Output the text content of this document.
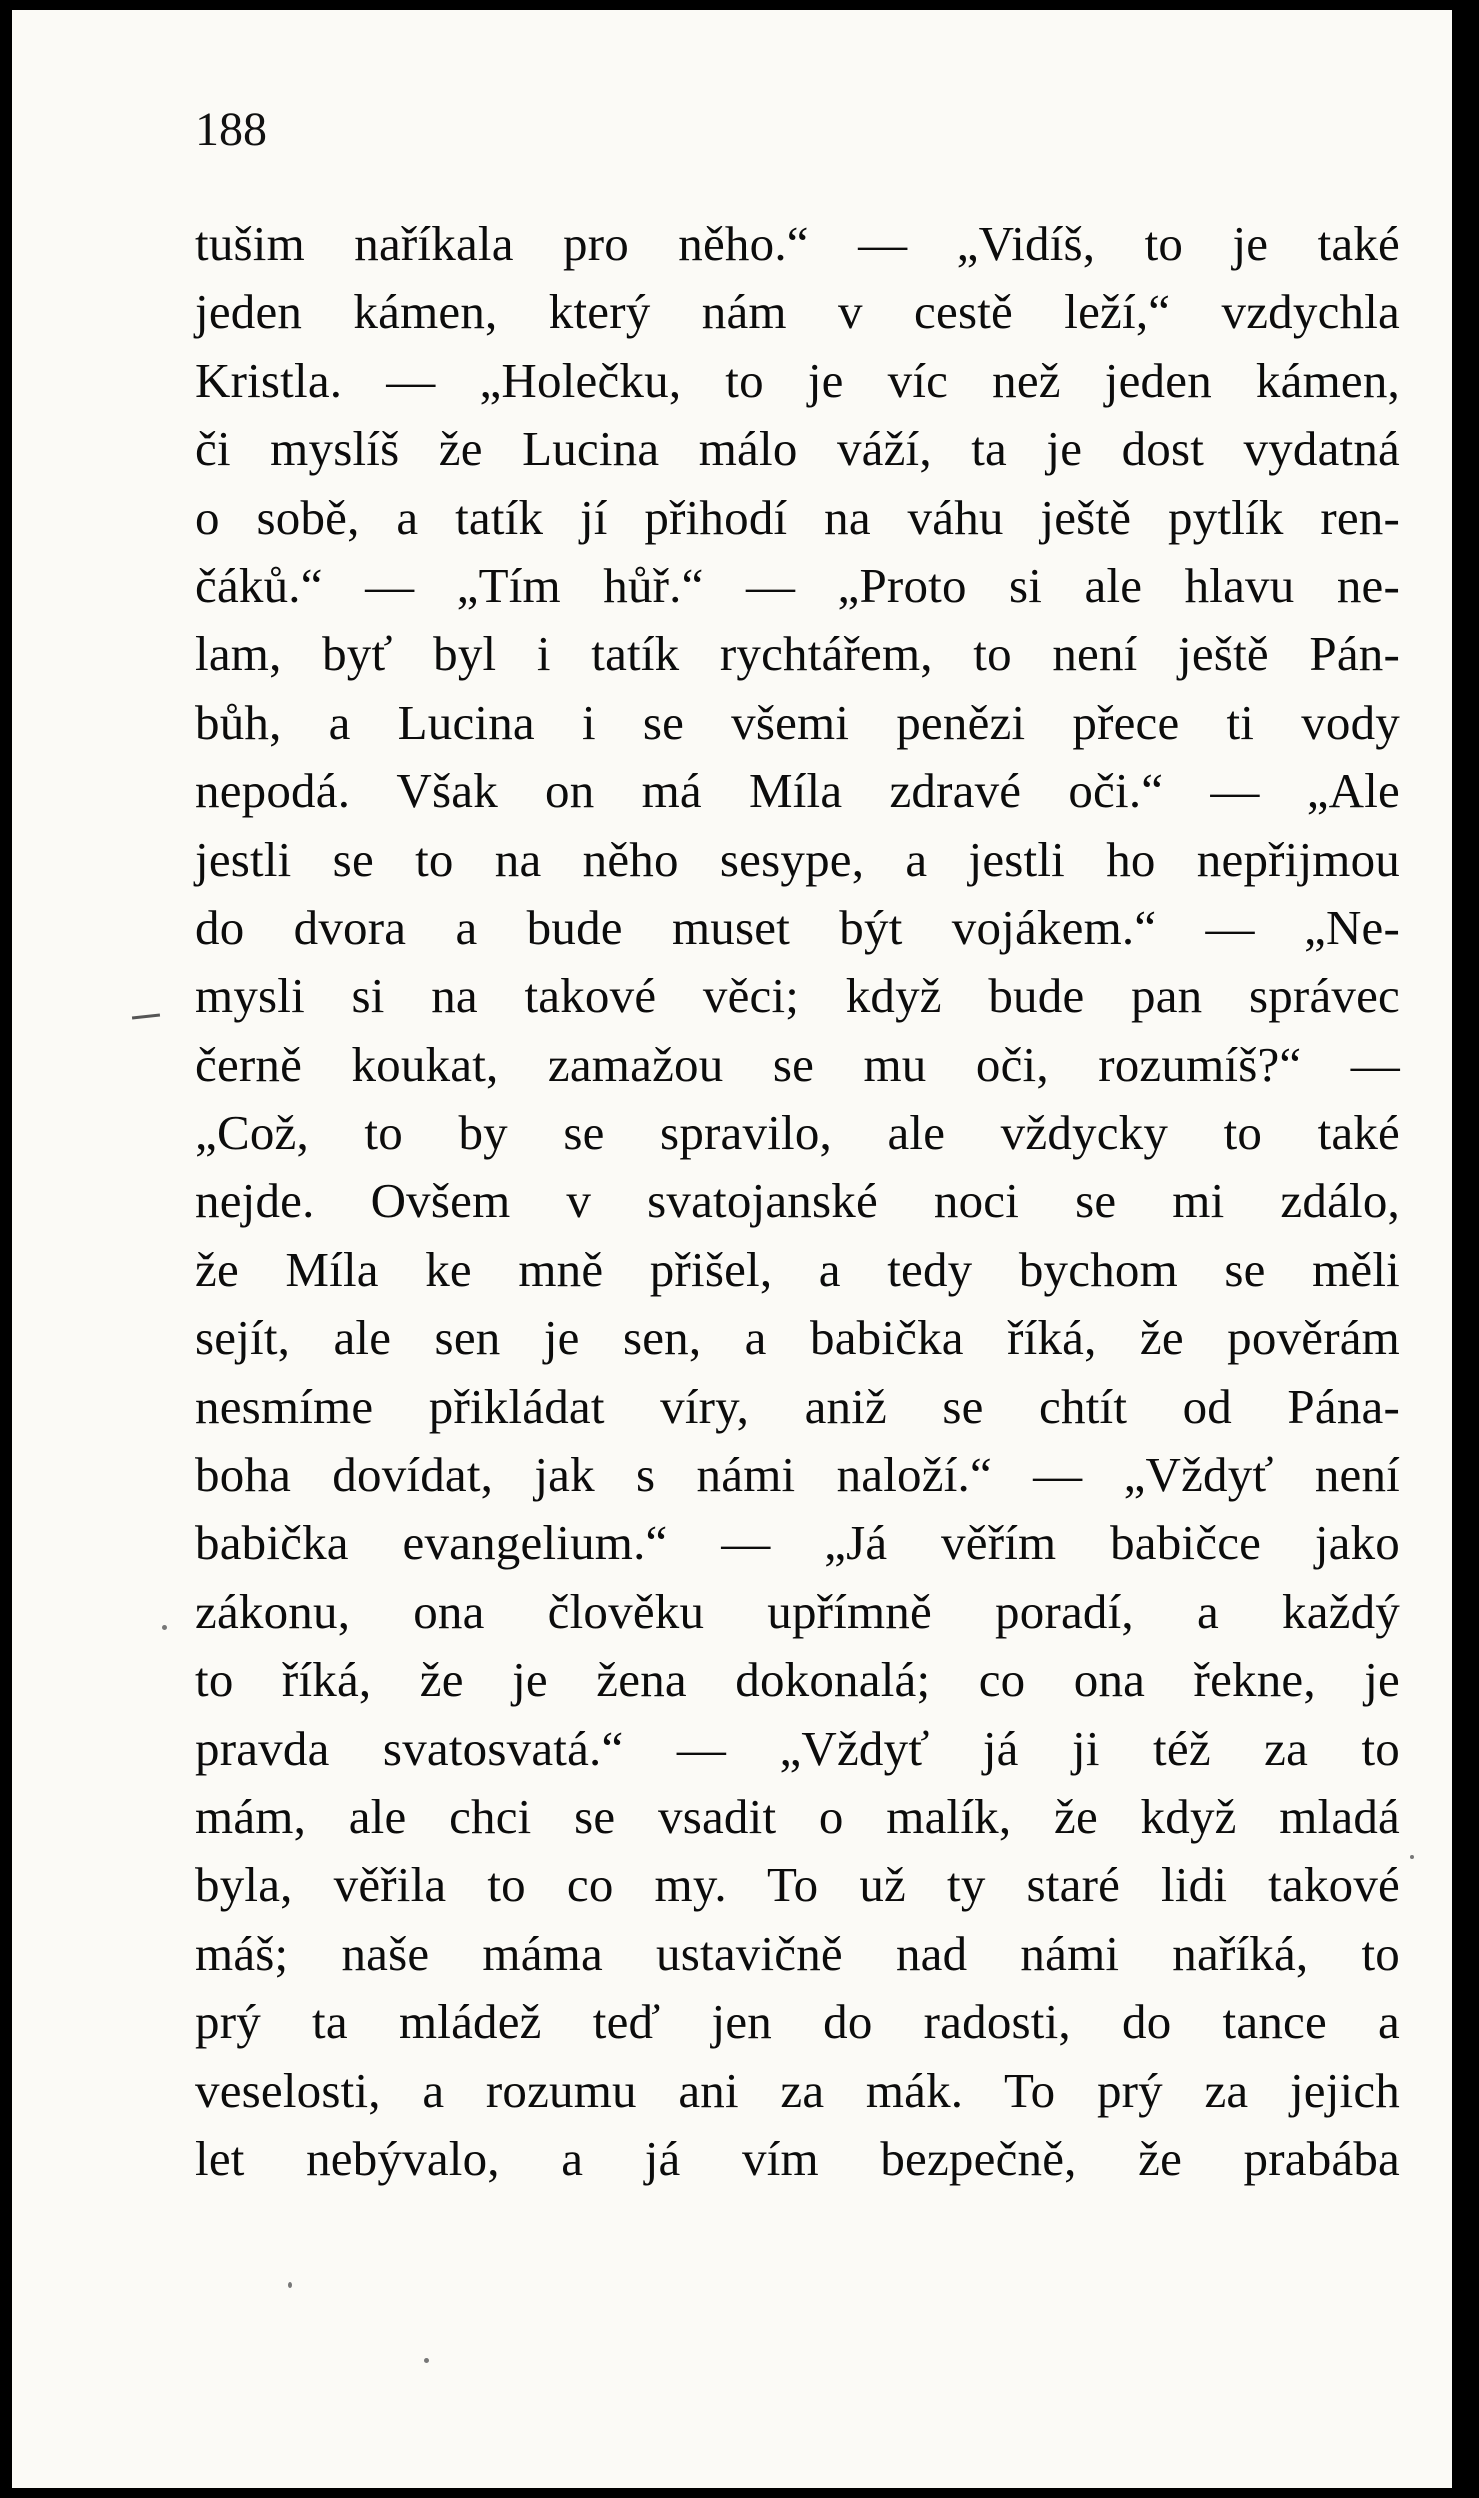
188
tušim naříkala pro něho.“ — „Vidíš, to je také
jeden kámen, který nám v cestě leží,“ vzdychla
Kristla. — „Holečku, to je víc než jeden kámen,
či myslíš že Lucina málo váží, ta je dost vydatná
o sobě, a tatík jí přihodí na váhu ještě pytlík ren-
čáků.“ — „Tím hůř.“ — „Proto si ale hlavu ne-
lam, byť byl i tatík rychtářem, to není ještě Pán-
bůh, a Lucina i se všemi penězi přece ti vody
nepodá. Však on má Míla zdravé oči.“ — „Ale
jestli se to na něho sesype, a jestli ho nepřijmou
do dvora a bude muset být vojákem.“ — „Ne-
mysli si na takové věci; když bude pan správec
černě koukat, zamažou se mu oči, rozumíš?“ —
„Což, to by se spravilo, ale vždycky to také
nejde. Ovšem v svatojanské noci se mi zdálo,
že Míla ke mně přišel, a tedy bychom se měli
sejít, ale sen je sen, a babička říká, že pověrám
nesmíme přikládat víry, aniž se chtít od Pána-
boha dovídat, jak s námi naloží.“ — „Vždyť není
babička evangelium.“ — „Já věřím babičce jako
zákonu, ona člověku upřímně poradí, a každý
to říká, že je žena dokonalá; co ona řekne, je
pravda svatosvatá.“ — „Vždyť já ji též za to
mám, ale chci se vsadit o malík, že když mladá
byla, věřila to co my. To už ty staré lidi takové
máš; naše máma ustavičně nad námi naříká, to
prý ta mládež teď jen do radosti, do tance a
veselosti, a rozumu ani za mák. To prý za jejich
let nebývalo, a já vím bezpečně, že prabába
